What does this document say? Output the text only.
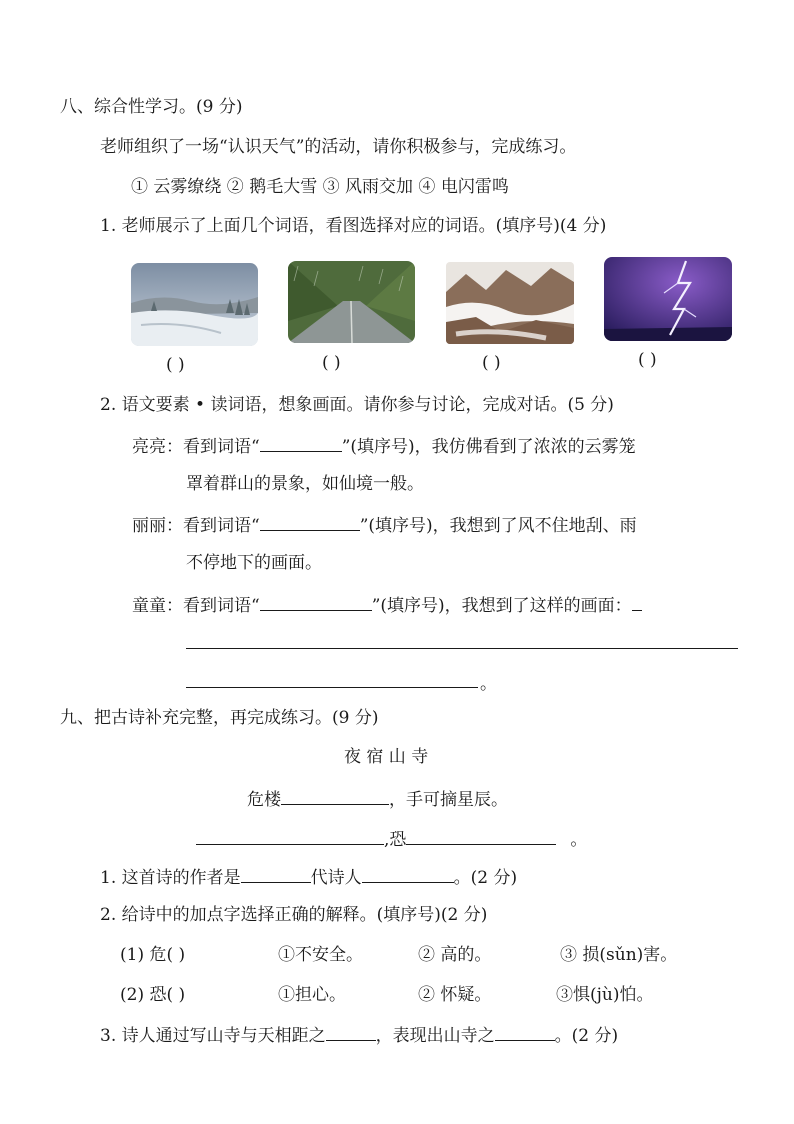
八、综合性学习。(9 分)
老师组织了一场“认识天气”的活动，请你积极参与，完成练习。
① 云雾缭绕 ② 鹅毛大雪 ③ 风雨交加 ④ 电闪雷鸣
1. 老师展示了上面几个词语，看图选择对应的词语。(填序号)(4 分)
( )	( )	( )	( )
2. 语文要素 • 读词语，想象画面。请你参与讨论，完成对话。(5 分)
亮亮：看到词语“	”(填序号)，我仿佛看到了浓浓的云雾笼
罩着群山的景象，如仙境一般。
丽丽：看到词语“	”(填序号)，我想到了风不住地刮、雨
不停地下的画面。
童童：看到词语“	”(填序号)，我想到了这样的画面：
。
九、把古诗补充完整，再完成练习。(9 分)
夜 宿 山 寺
危楼	，手可摘星辰。
,恐	。
1. 这首诗的作者是	代诗人	。(2 分)
2. 给诗中的加点字选择正确的解释。(填序号)(2 分)
(1) 危( )	①不安全。	② 高的。	③ 损(sǔn)害。
(2) 恐( )	①担心。	② 怀疑。	③惧(jù)怕。
3. 诗人通过写山寺与天相距之	，表现出山寺之	。(2 分)
